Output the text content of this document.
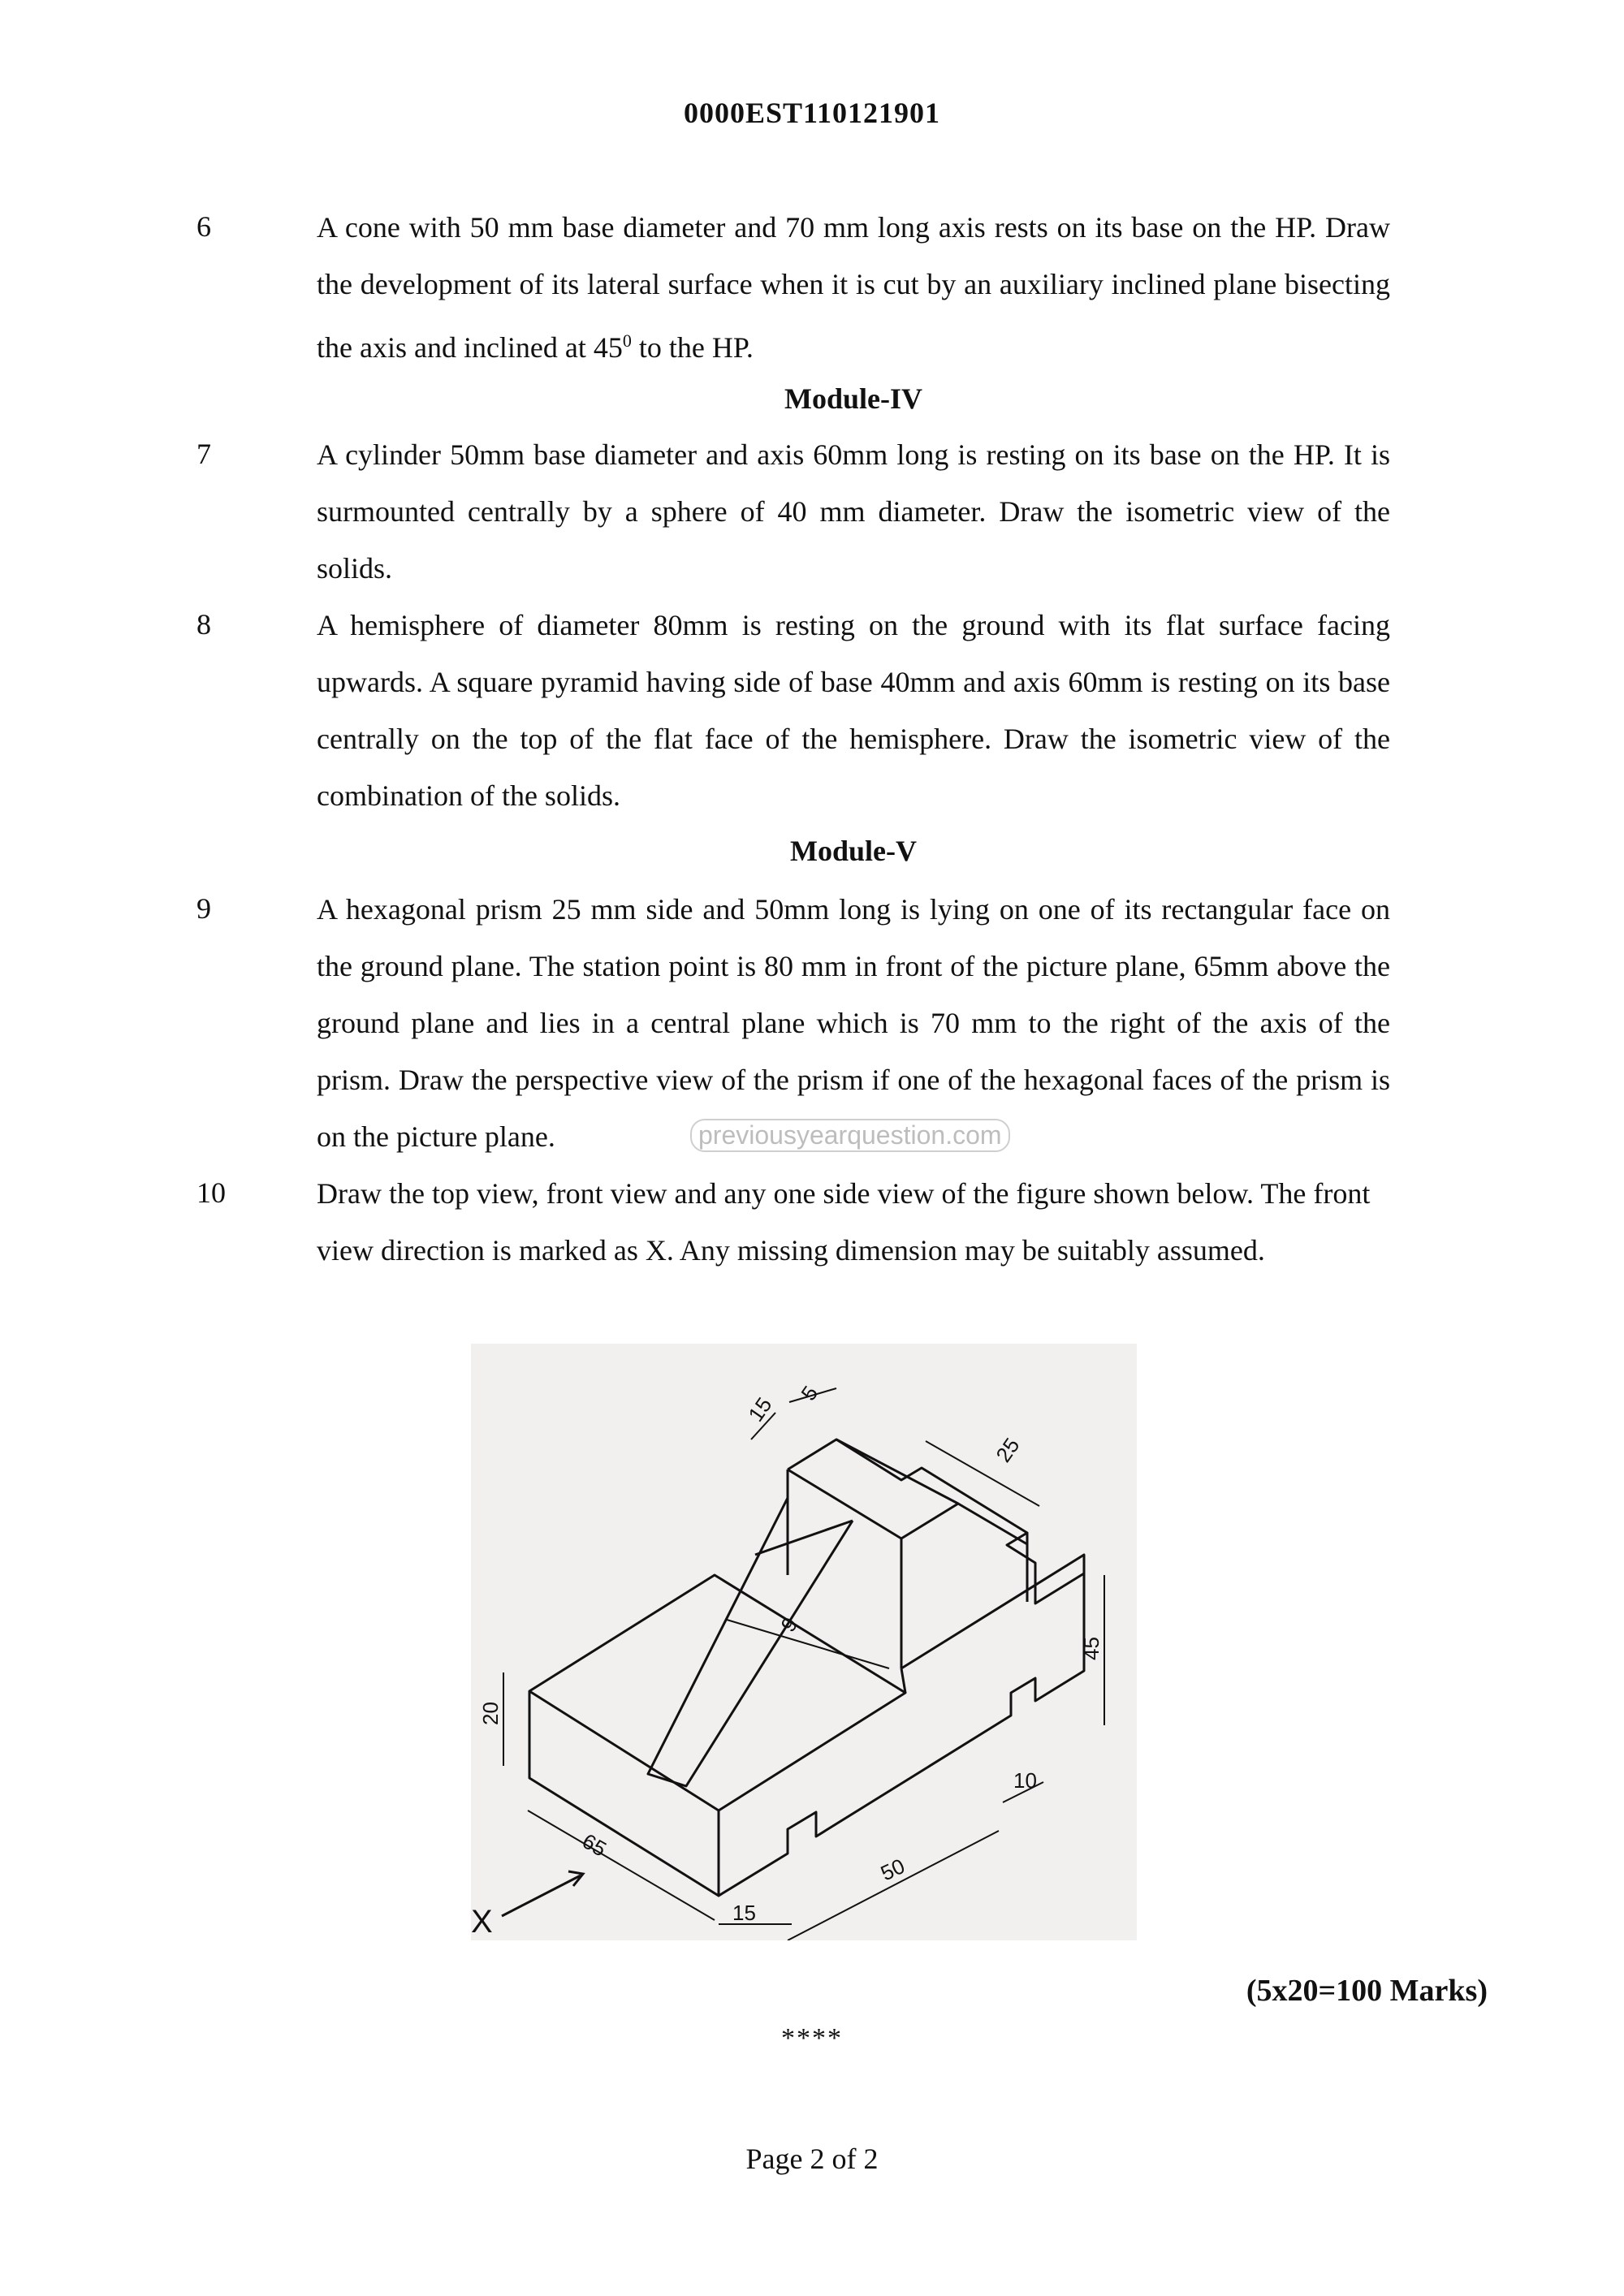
0000EST110121901
6	A cone with 50 mm base diameter and 70 mm long axis rests on its base on the HP. Draw the development of its lateral surface when it is cut by an auxiliary inclined plane bisecting the axis and inclined at $45^0$ to the HP.
Module-IV
7	A cylinder 50mm base diameter and axis 60mm long is resting on its base on the HP. It is surmounted centrally by a sphere of 40 mm diameter. Draw the isometric view of the solids.
8	A hemisphere of diameter 80mm is resting on the ground with its flat surface facing upwards. A square pyramid having side of base 40mm and axis 60mm is resting on its base centrally on the top of the flat face of the hemisphere. Draw the isometric view of the combination of the solids.
Module-V
9	A hexagonal prism 25 mm side and 50mm long is lying on one of its rectangular face on the ground plane. The station point is 80 mm in front of the picture plane, 65mm above the ground plane and lies in a central plane which is 70 mm to the right of the axis of the prism. Draw the perspective view of the prism if one of the hexagonal faces of the prism is on the picture plane.	previousyearquestion.com
10	Draw the top view, front view and any one side view of the figure shown below. The front view direction is marked as X. Any missing dimension may be suitably assumed.
15 5
25
9
45
20
10
50
65
15
X
(5x20=100 Marks)
****
Page 2 of 2
